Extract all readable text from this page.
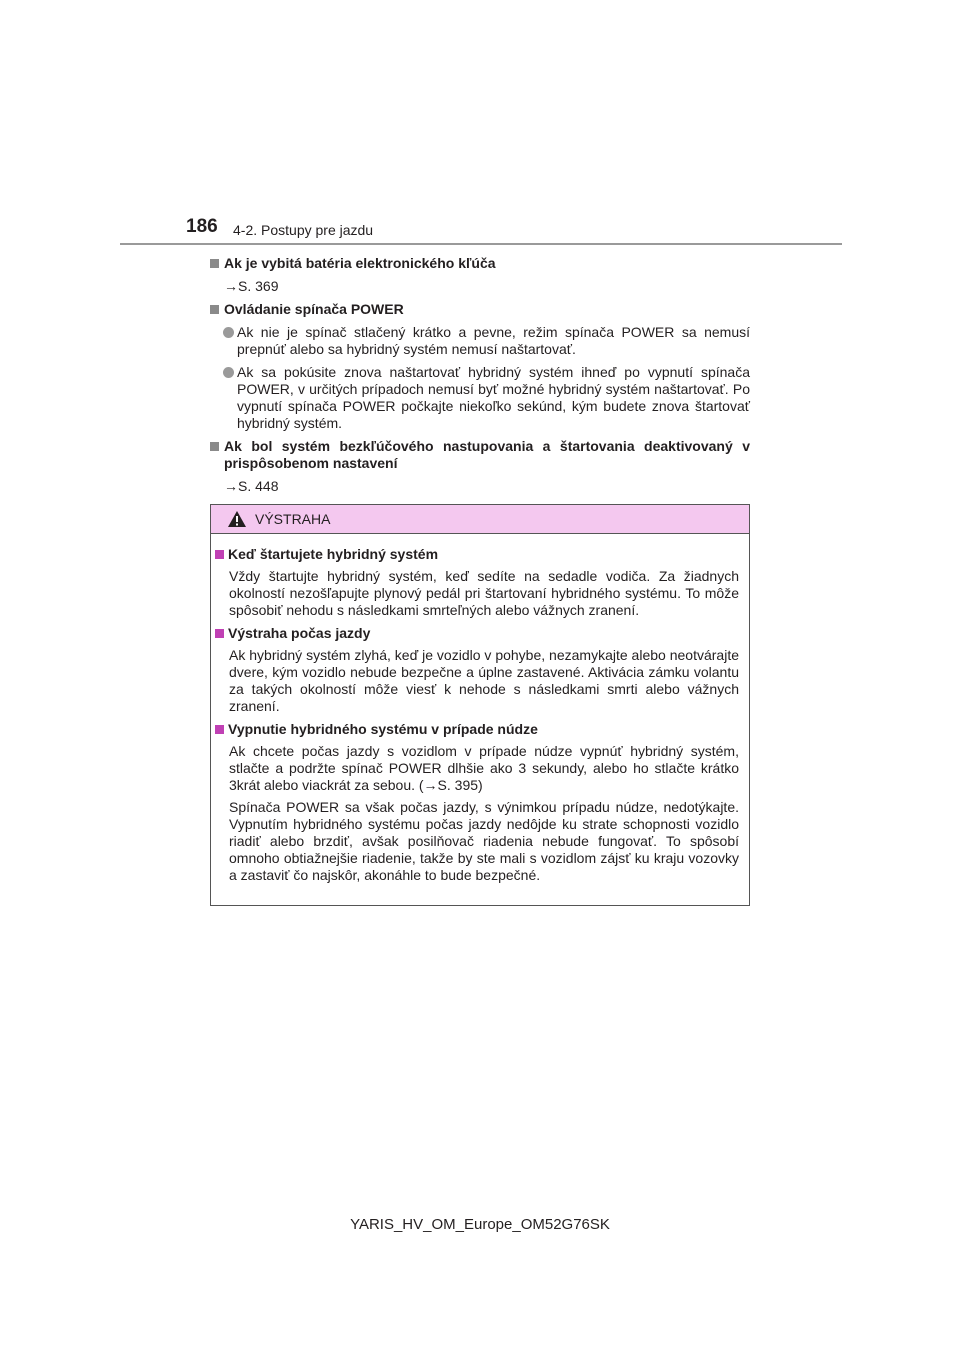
186 4-2. Postupy pre jazdu
Ak je vybitá batéria elektronického kľúča
→S. 369
Ovládanie spínača POWER
Ak nie je spínač stlačený krátko a pevne, režim spínača POWER sa nemusí prepnúť alebo sa hybridný systém nemusí naštartovať.
Ak sa pokúsite znova naštartovať hybridný systém ihneď po vypnutí spínača POWER, v určitých prípadoch nemusí byť možné hybridný systém naštartovať. Po vypnutí spínača POWER počkajte niekoľko sekúnd, kým budete znova štartovať hybridný systém.
Ak bol systém bezkľúčového nastupovania a štartovania deaktivovaný v prispôsobenom nastavení
→S. 448
VÝSTRAHA
Keď štartujete hybridný systém
Vždy štartujte hybridný systém, keď sedíte na sedadle vodiča. Za žiadnych okolností nezošľapujte plynový pedál pri štartovaní hybridného systému. To môže spôsobiť nehodu s následkami smrteľných alebo vážnych zranení.
Výstraha počas jazdy
Ak hybridný systém zlyhá, keď je vozidlo v pohybe, nezamykajte alebo neotvárajte dvere, kým vozidlo nebude bezpečne a úplne zastavené. Aktivácia zámku volantu za takých okolností môže viesť k nehode s následkami smrti alebo vážnych zranení.
Vypnutie hybridného systému v prípade núdze
Ak chcete počas jazdy s vozidlom v prípade núdze vypnúť hybridný systém, stlačte a podržte spínač POWER dlhšie ako 3 sekundy, alebo ho stlačte krátko 3krát alebo viackrát za sebou. (→S. 395)
Spínača POWER sa však počas jazdy, s výnimkou prípadu núdze, nedotýkajte. Vypnutím hybridného systému počas jazdy nedôjde ku strate schopnosti vozidlo riadiť alebo brzdiť, avšak posilňovač riadenia nebude fungovať. To spôsobí omnoho obtiažnejšie riadenie, takže by ste mali s vozidlom zájsť ku kraju vozovky a zastaviť čo najskôr, akonáhle to bude bezpečné.
YARIS_HV_OM_Europe_OM52G76SK
